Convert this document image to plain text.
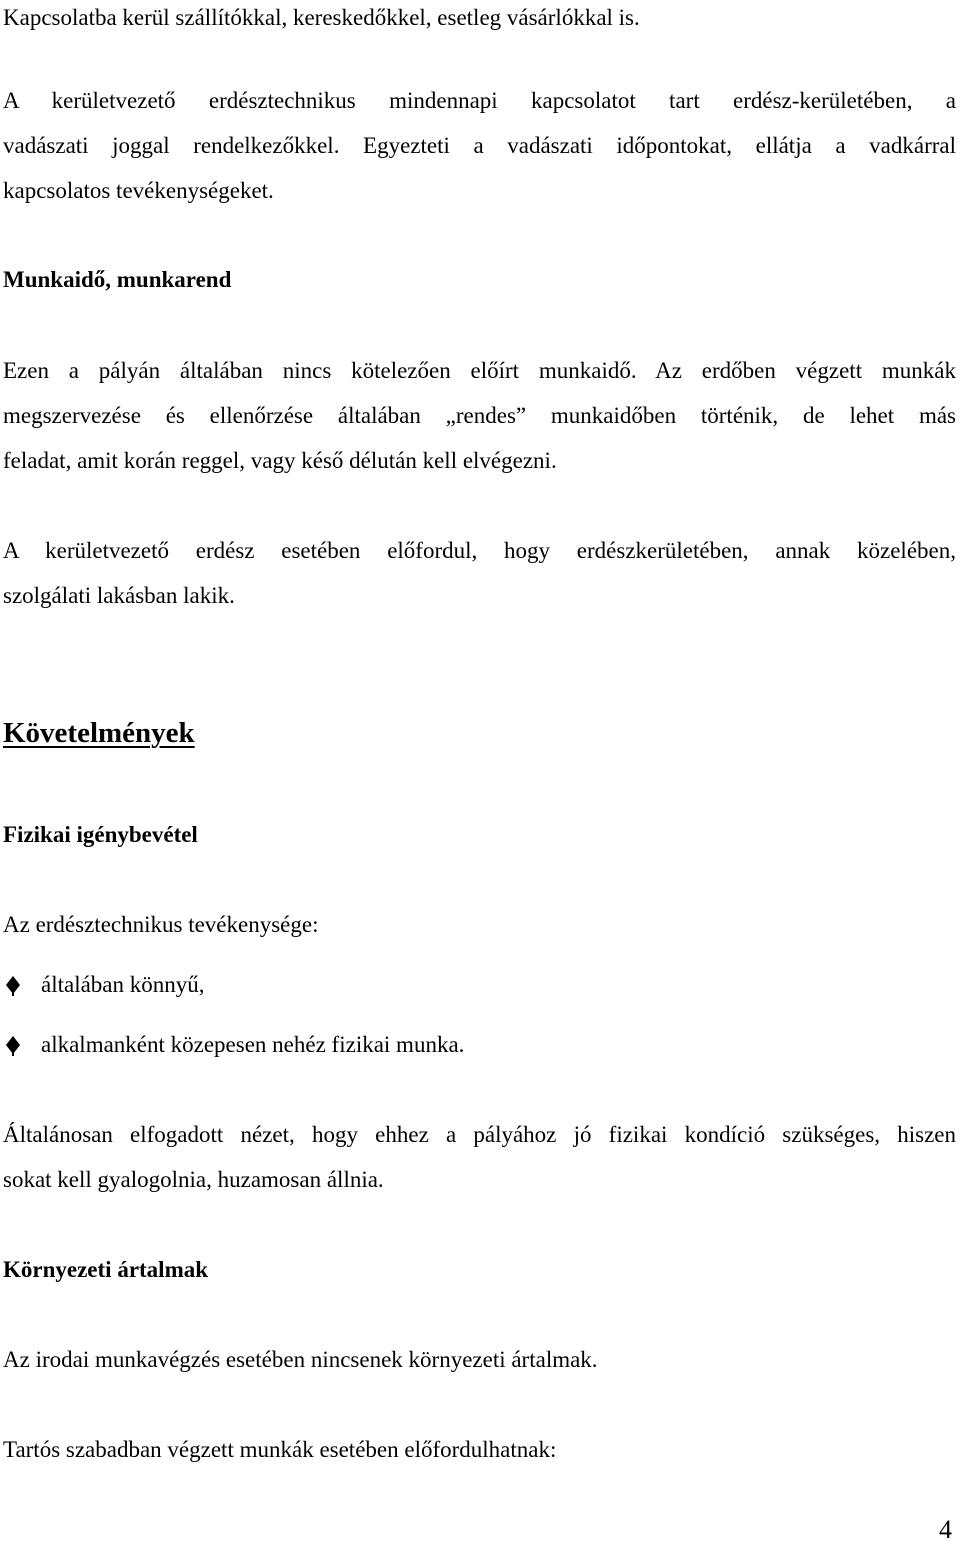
Kapcsolatba kerül szállítókkal, kereskedőkkel, esetleg vásárlókkal is.
A kerületvezető erdésztechnikus mindennapi kapcsolatot tart erdész-kerületében, a
vadászati joggal rendelkezőkkel. Egyezteti a vadászati időpontokat, ellátja a vadkárral
kapcsolatos tevékenységeket.
Munkaidő, munkarend
Ezen a pályán általában nincs kötelezően előírt munkaidő. Az erdőben végzett munkák
megszervezése és ellenőrzése általában „rendes” munkaidőben történik, de lehet más
feladat, amit korán reggel, vagy késő délután kell elvégezni.
A kerületvezető erdész esetében előfordul, hogy erdészkerületében, annak közelében,
szolgálati lakásban lakik.
Követelmények
Fizikai igénybevétel
Az erdésztechnikus tevékenysége:
általában könnyű,
alkalmanként közepesen nehéz fizikai munka.
Általánosan elfogadott nézet, hogy ehhez a pályához jó fizikai kondíció szükséges, hiszen
sokat kell gyalogolnia, huzamosan állnia.
Környezeti ártalmak
Az irodai munkavégzés esetében nincsenek környezeti ártalmak.
Tartós szabadban végzett munkák esetében előfordulhatnak:
4
